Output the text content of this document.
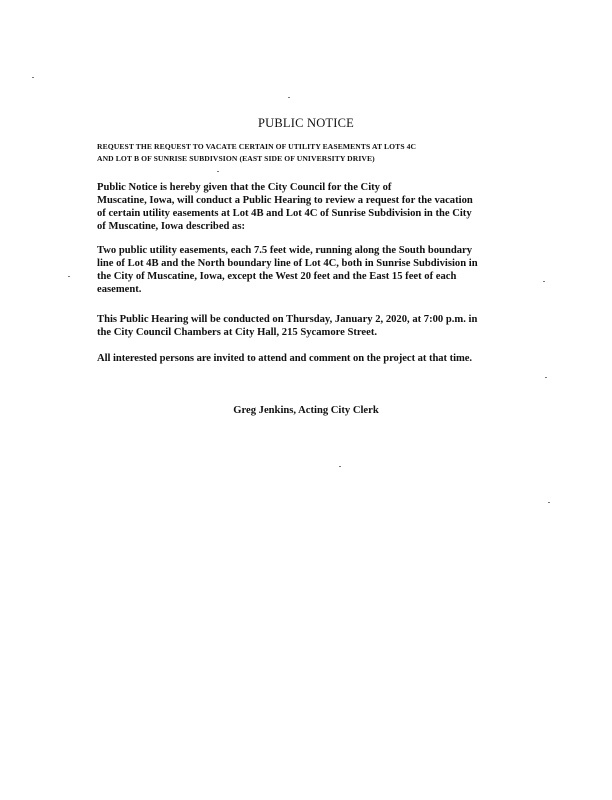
PUBLIC NOTICE
REQUEST THE REQUEST TO VACATE CERTAIN OF UTILITY EASEMENTS AT LOTS 4C
AND LOT B OF SUNRISE SUBDIVSION (EAST SIDE OF UNIVERSITY DRIVE)
Public Notice is hereby given that the City Council for the City of
Muscatine, Iowa, will conduct a Public Hearing to review a request for the vacation
of certain utility easements at Lot 4B and Lot 4C of Sunrise Subdivision in the City
of Muscatine, Iowa described as:
Two public utility easements, each 7.5 feet wide, running along the South boundary
line of Lot 4B and the North boundary line of Lot 4C, both in Sunrise Subdivision in
the City of Muscatine, Iowa, except the West 20 feet and the East 15 feet of each
easement.
This Public Hearing will be conducted on Thursday, January 2, 2020, at 7:00 p.m. in
the City Council Chambers at City Hall, 215 Sycamore Street.
All interested persons are invited to attend and comment on the project at that time.
Greg Jenkins, Acting City Clerk
